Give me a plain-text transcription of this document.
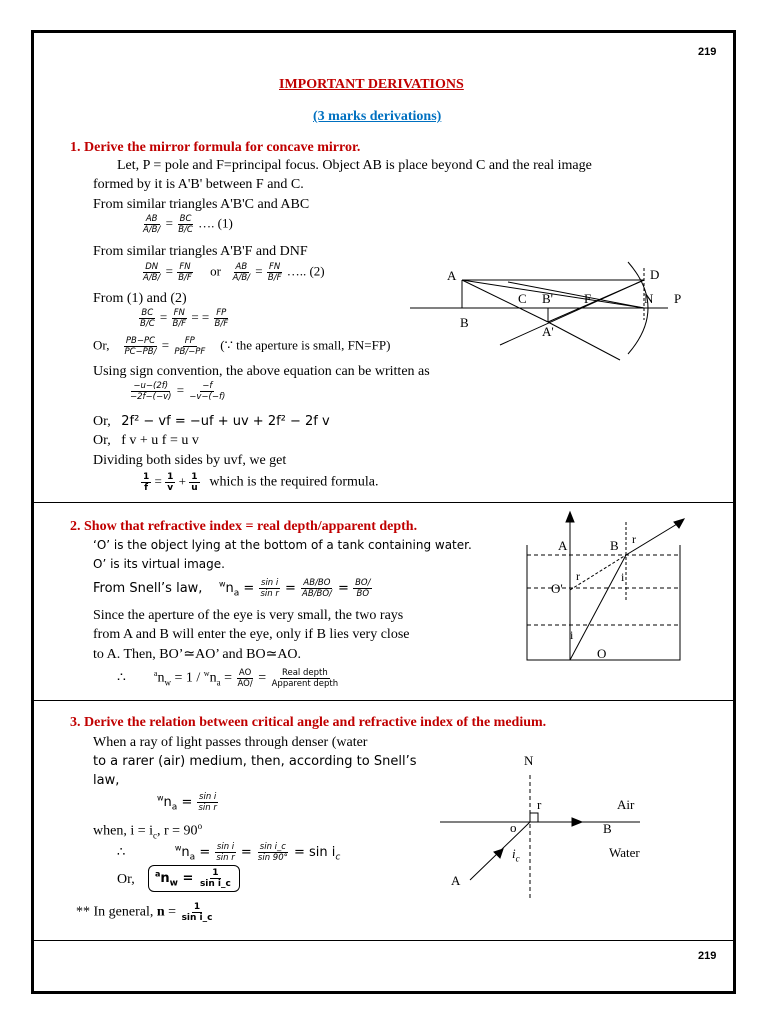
219
IMPORTANT DERIVATIONS
(3 marks derivations)
1. Derive the mirror formula for concave mirror.
Let, P = pole and F=principal focus. Object AB is place beyond C and the real image
formed by it is A'B' between F and C.
From similar triangles A'B'C and ABC
$\frac{AB}{A/B/} = \frac{BC}{B/C}$ …. (1)
From similar triangles A'B'F and DNF
$\frac{DN}{A/B/} = \frac{FN}{B/F}$ or $\frac{AB}{A/B/} = \frac{FN}{B/F}$ ….. (2)
From (1) and (2)
$\frac{BC}{B/C} = \frac{FN}{B/F}$ = = $\frac{FP}{B/F}$
Or, $\frac{PB-PC}{PC-PB/} = \frac{FP}{PB/-PF}$ (∵ the aperture is small, FN=FP)
Using sign convention, the above equation can be written as
$\frac{-u-(2f)}{-2f-(-v)} = \frac{-f}{-v-(-f)}$
Or, 2f² − vf = −uf + uv + 2f² − 2f v
Or, f v + u f = u v
Dividing both sides by uvf, we get
$\frac{1}{f} = \frac{1}{v} + \frac{1}{u}$ which is the required formula.
A	D
C B' F	N P
B
A'
2. Show that refractive index = real depth/apparent depth.
‘O’ is the object lying at the bottom of a tank containing water.
O’ is its virtual image.
From Snell’s law, $^wn_a = \frac{\text{sin i}}{\text{sin r}} = \frac{AB/BO}{AB/BO/} = \frac{BO/}{BO}$
Since the aperture of the eye is very small, the two rays
from A and B will enter the eye, only if B lies very close
to A. Then, BO’≃AO’ and BO≃AO.
∴	$^an_w = 1 / ^wn_a = \frac{AO}{AO/} = \frac{\text{Real depth}}{\text{Apparent depth}}$
A	B r
r	i
O'
i
O
3. Derive the relation between critical angle and refractive index of the medium.
When a ray of light passes through denser (water
to a rarer (air) medium, then, according to Snell’s
law,
$^wn_a = \frac{\text{sin i}}{\text{sin r}}$
when, $i = i_c$, $r = 90^o$
∴	$^wn_a = \frac{\text{sin i}}{\text{sin r}} = \frac{\text{sin i\_c}}{\sin 90^\circ} = \sin i_c$
Or,	$^an_w = \frac{1}{\text{sin i\_c}}$
** In general, $n = \frac{1}{\text{sin i\_c}}$
N
r	Air
o	B
$i_c$	Water
A
219
